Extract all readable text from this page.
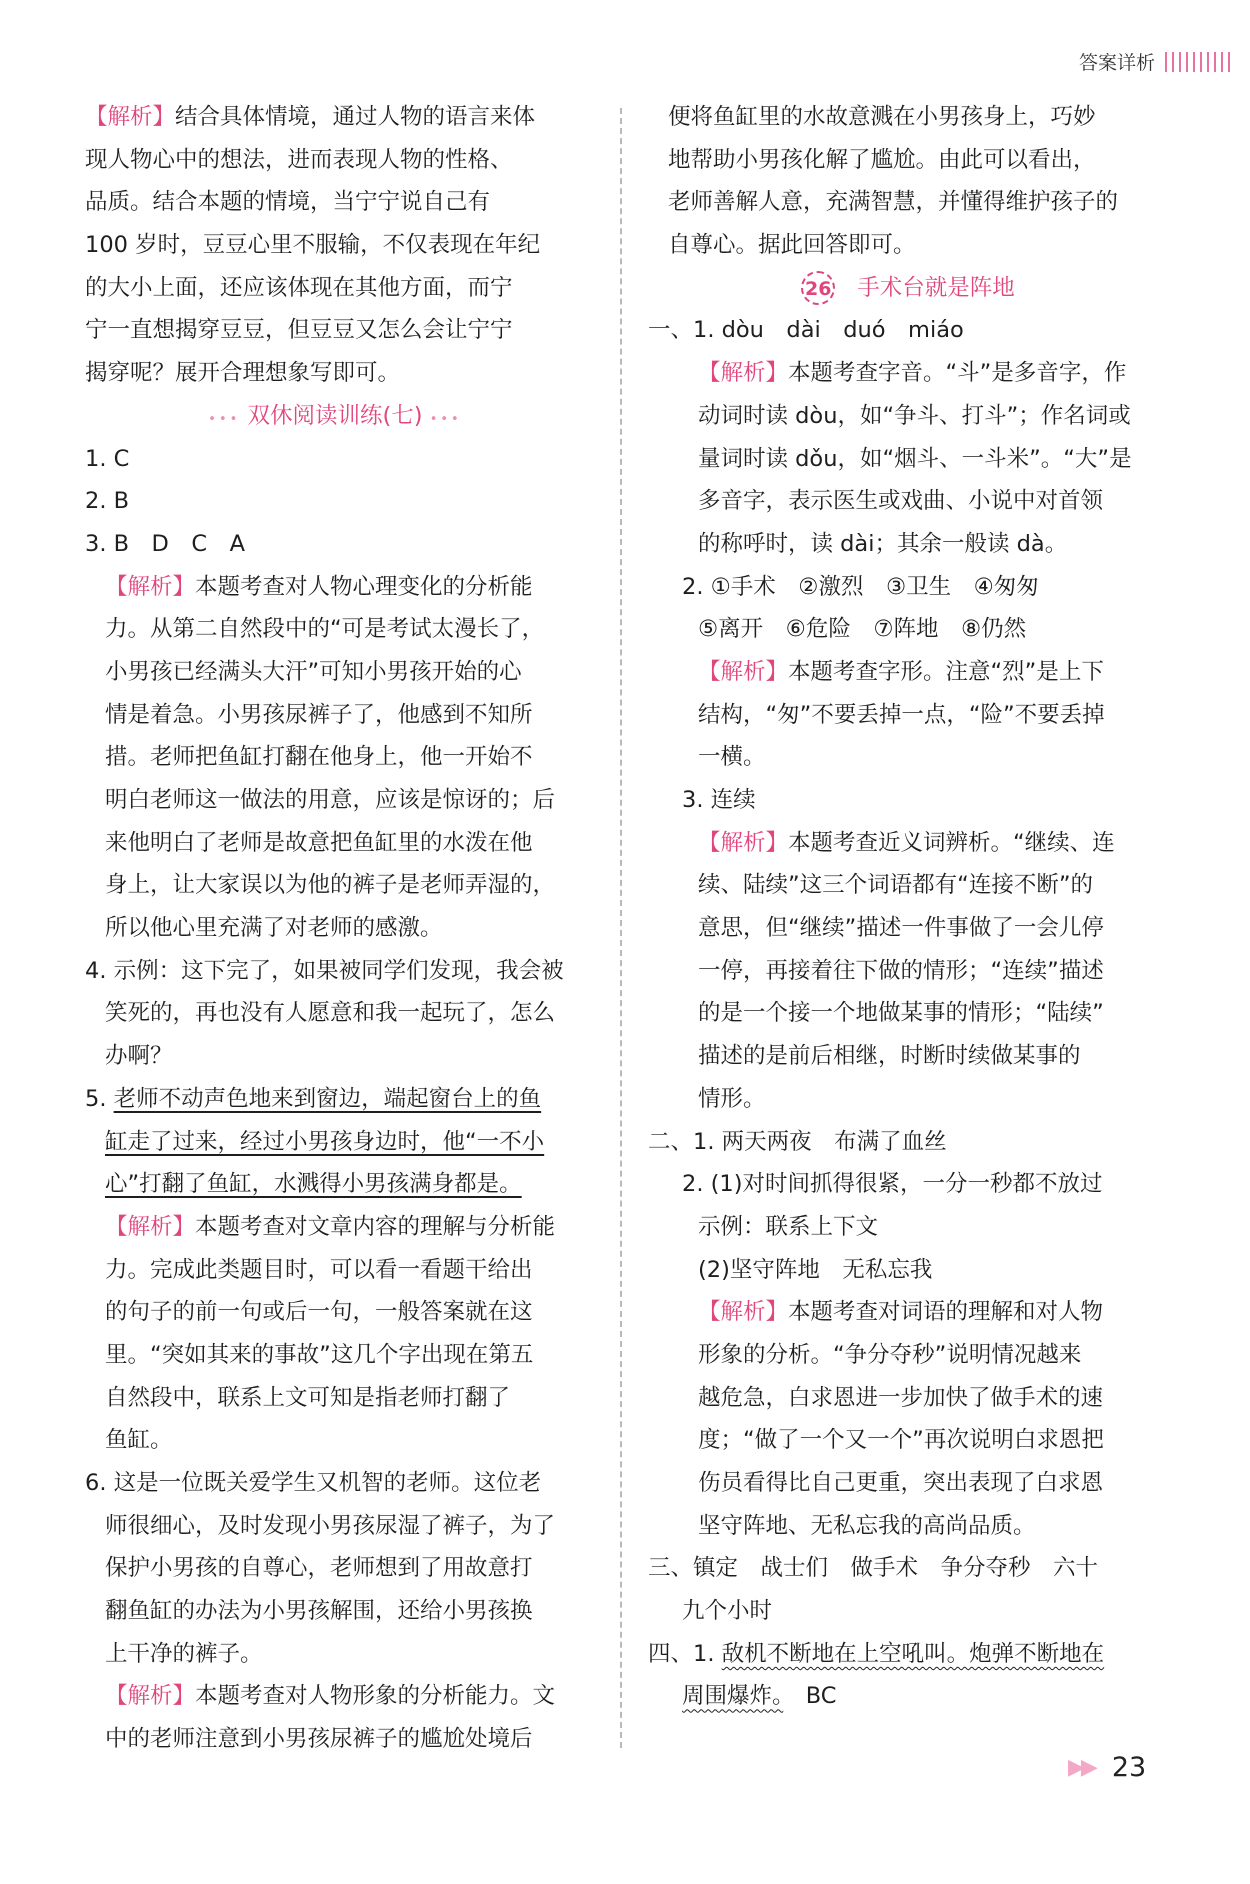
答案详析
【解析】结合具体情境，通过人物的语言来体
现人物心中的想法，进而表现人物的性格、
品质。结合本题的情境，当宁宁说自己有
100 岁时，豆豆心里不服输，不仅表现在年纪
的大小上面，还应该体现在其他方面，而宁
宁一直想揭穿豆豆，但豆豆又怎么会让宁宁
揭穿呢？展开合理想象写即可。
••• 双休阅读训练(七) •••
1. C
2. B
3. B　D　C　A
【解析】本题考查对人物心理变化的分析能
力。从第二自然段中的“可是考试太漫长了，
小男孩已经满头大汗”可知小男孩开始的心
情是着急。小男孩尿裤子了，他感到不知所
措。老师把鱼缸打翻在他身上，他一开始不
明白老师这一做法的用意，应该是惊讶的；后
来他明白了老师是故意把鱼缸里的水泼在他
身上，让大家误以为他的裤子是老师弄湿的，
所以他心里充满了对老师的感激。
4. 示例：这下完了，如果被同学们发现，我会被
笑死的，再也没有人愿意和我一起玩了，怎么
办啊？
5. 老师不动声色地来到窗边，端起窗台上的鱼
缸走了过来，经过小男孩身边时，他“一不小
心”打翻了鱼缸，水溅得小男孩满身都是。
【解析】本题考查对文章内容的理解与分析能
力。完成此类题目时，可以看一看题干给出
的句子的前一句或后一句，一般答案就在这
里。“突如其来的事故”这几个字出现在第五
自然段中，联系上文可知是指老师打翻了
鱼缸。
6. 这是一位既关爱学生又机智的老师。这位老
师很细心，及时发现小男孩尿湿了裤子，为了
保护小男孩的自尊心，老师想到了用故意打
翻鱼缸的办法为小男孩解围，还给小男孩换
上干净的裤子。
【解析】本题考查对人物形象的分析能力。文
中的老师注意到小男孩尿裤子的尴尬处境后
便将鱼缸里的水故意溅在小男孩身上，巧妙
地帮助小男孩化解了尴尬。由此可以看出，
老师善解人意，充满智慧，并懂得维护孩子的
自尊心。据此回答即可。
26 手术台就是阵地
一、1. dòu　dài　duó　miáo
【解析】本题考查字音。“斗”是多音字，作
动词时读 dòu，如“争斗、打斗”；作名词或
量词时读 dǒu，如“烟斗、一斗米”。“大”是
多音字，表示医生或戏曲、小说中对首领
的称呼时，读 dài；其余一般读 dà。
2. ①手术　②激烈　③卫生　④匆匆
⑤离开　⑥危险　⑦阵地　⑧仍然
【解析】本题考查字形。注意“烈”是上下
结构，“匆”不要丢掉一点，“险”不要丢掉
一横。
3. 连续
【解析】本题考查近义词辨析。“继续、连
续、陆续”这三个词语都有“连接不断”的
意思，但“继续”描述一件事做了一会儿停
一停，再接着往下做的情形；“连续”描述
的是一个接一个地做某事的情形；“陆续”
描述的是前后相继，时断时续做某事的
情形。
二、1. 两天两夜　布满了血丝
2. (1)对时间抓得很紧，一分一秒都不放过
示例：联系上下文
(2)坚守阵地　无私忘我
【解析】本题考查对词语的理解和对人物
形象的分析。“争分夺秒”说明情况越来
越危急，白求恩进一步加快了做手术的速
度；“做了一个又一个”再次说明白求恩把
伤员看得比自己更重，突出表现了白求恩
坚守阵地、无私忘我的高尚品质。
三、镇定　战士们　做手术　争分夺秒　六十
九个小时
四、1. 敌机不断地在上空吼叫。炮弹不断地在
周围爆炸。　BC
▶▶ 23
